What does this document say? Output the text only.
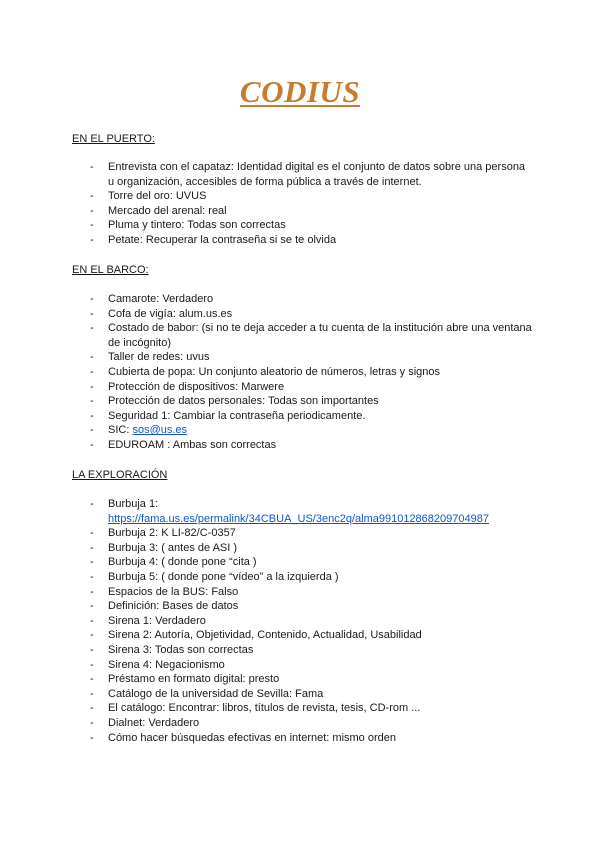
CODIUS

EN EL PUERTO:

- Entrevista con el capataz: Identidad digital es el conjunto de datos sobre una persona u organización, accesibles de forma pública a través de internet.
- Torre del oro: UVUS
- Mercado del arenal: real
- Pluma y tintero: Todas son correctas
- Petate: Recuperar la contraseña si se te olvida

EN EL BARCO:

- Camarote: Verdadero
- Cofa de vigía: alum.us.es
- Costado de babor: (si no te deja acceder a tu cuenta de la institución abre una ventana de incógnito)
- Taller de redes: uvus
- Cubierta de popa: Un conjunto aleatorio de números, letras y signos
- Protección de dispositivos: Marwere
- Protección de datos personales: Todas son importantes
- Seguridad 1: Cambiar la contraseña periodicamente.
- SIC: sos@us.es
- EDUROAM : Ambas son correctas

LA EXPLORACIÓN

- Burbuja 1:
https://fama.us.es/permalink/34CBUA_US/3enc2q/alma991012868209704987
- Burbuja 2: K LI-82/C-0357
- Burbuja 3: ( antes de ASI )
- Burbuja 4: ( donde pone “cita )
- Burbuja 5: ( donde pone “vídeo” a la izquierda )
- Espacios de la BUS: Falso
- Definición: Bases de datos
- Sirena 1: Verdadero
- Sirena 2: Autoría, Objetividad, Contenido, Actualidad, Usabilidad
- Sirena 3: Todas son correctas
- Sirena 4: Negacionismo
- Préstamo en formato digital: presto
- Catálogo de la universidad de Sevilla: Fama
- El catálogo: Encontrar: libros, títulos de revista, tesis, CD-rom ...
- Dialnet: Verdadero
- Cómo hacer búsquedas efectivas en internet: mismo orden
